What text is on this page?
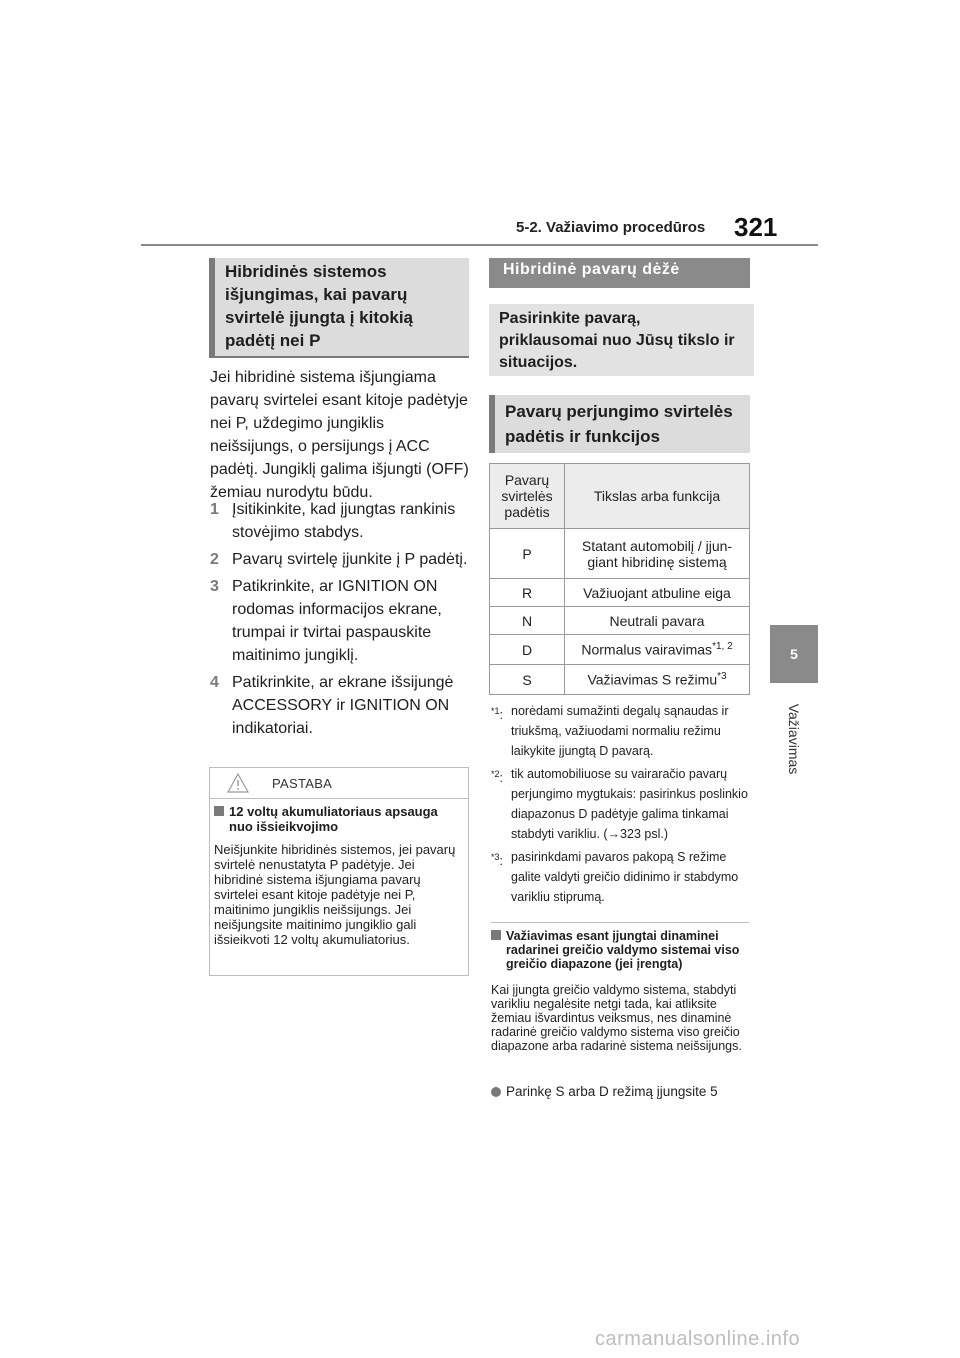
5-2. Važiavimo procedūros 321
5
Važiavimas
Hibridinės sistemos
išjungimas, kai pavarų
svirtelė įjungta į kitokią
padėtį nei P
Jei hibridinė sistema išjungiama pavarų svirtelei esant kitoje padėtyje nei P, uždegimo jungiklis neišsijungs, o persijungs į ACC padėtį. Jungiklį galima išjungti (OFF) žemiau nurodytu būdu.
1 Įsitikinkite, kad įjungtas rankinis stovėjimo stabdys.
2 Pavarų svirtelę įjunkite į P padėtį.
3 Patikrinkite, ar IGNITION ON rodomas informacijos ekrane, trumpai ir tvirtai paspauskite maitinimo jungiklį.
4 Patikrinkite, ar ekrane išsijungė ACCESSORY ir IGNITION ON indikatoriai.
PASTABA
12 voltų akumuliatoriaus apsauga nuo išsieikvojimo
Neišjunkite hibridinės sistemos, jei pavarų svirtelė nenustatyta P padėtyje. Jei hibridinė sistema išjungiama pavarų svirtelei esant kitoje padėtyje nei P, maitinimo jungiklis neišsijungs. Jei neišjungsite maitinimo jungiklio gali išsieikvoti 12 voltų akumuliatorius.
Hibridinė pavarų dėžė
Pasirinkite pavarą,
priklausomai nuo Jūsų tikslo ir
situacijos.
Pavarų perjungimo svirtelės
padėtis ir funkcijos
Pavarų svirtelės padėtis	Tikslas arba funkcija
P	Statant automobilį / įjun-giant hibridinę sistemą
R	Važiuojant atbuline eiga
N	Neutrali pavara
D	Normalus vairavimas$^{*1, 2}$
S	Važiavimas S režimu$^{*3}$
$^{*1}$: norėdami sumažinti degalų sąnaudas ir triukšmą, važiuodami normaliu režimu laikykite įjungtą D pavarą.
$^{*2}$: tik automobiliuose su vairaračio pavarų perjungimo mygtukais: pasirinkus poslinkio diapazonus D padėtyje galima tinkamai stabdyti varikliu. (→323 psl.)
$^{*3}$: pasirinkdami pavaros pakopą S režime galite valdyti greičio didinimo ir stabdymo varikliu stiprumą.
Važiavimas esant įjungtai dinaminei radarinei greičio valdymo sistemai viso greičio diapazone (jei įrengta)
Kai įjungta greičio valdymo sistema, stabdyti varikliu negalėsite netgi tada, kai atliksite žemiau išvardintus veiksmus, nes dinaminė radarinė greičio valdymo sistema viso greičio diapazone arba radarinė sistema neišsijungs.
Parinkę S arba D režimą įjungsite 5
carmanualsonline.info
